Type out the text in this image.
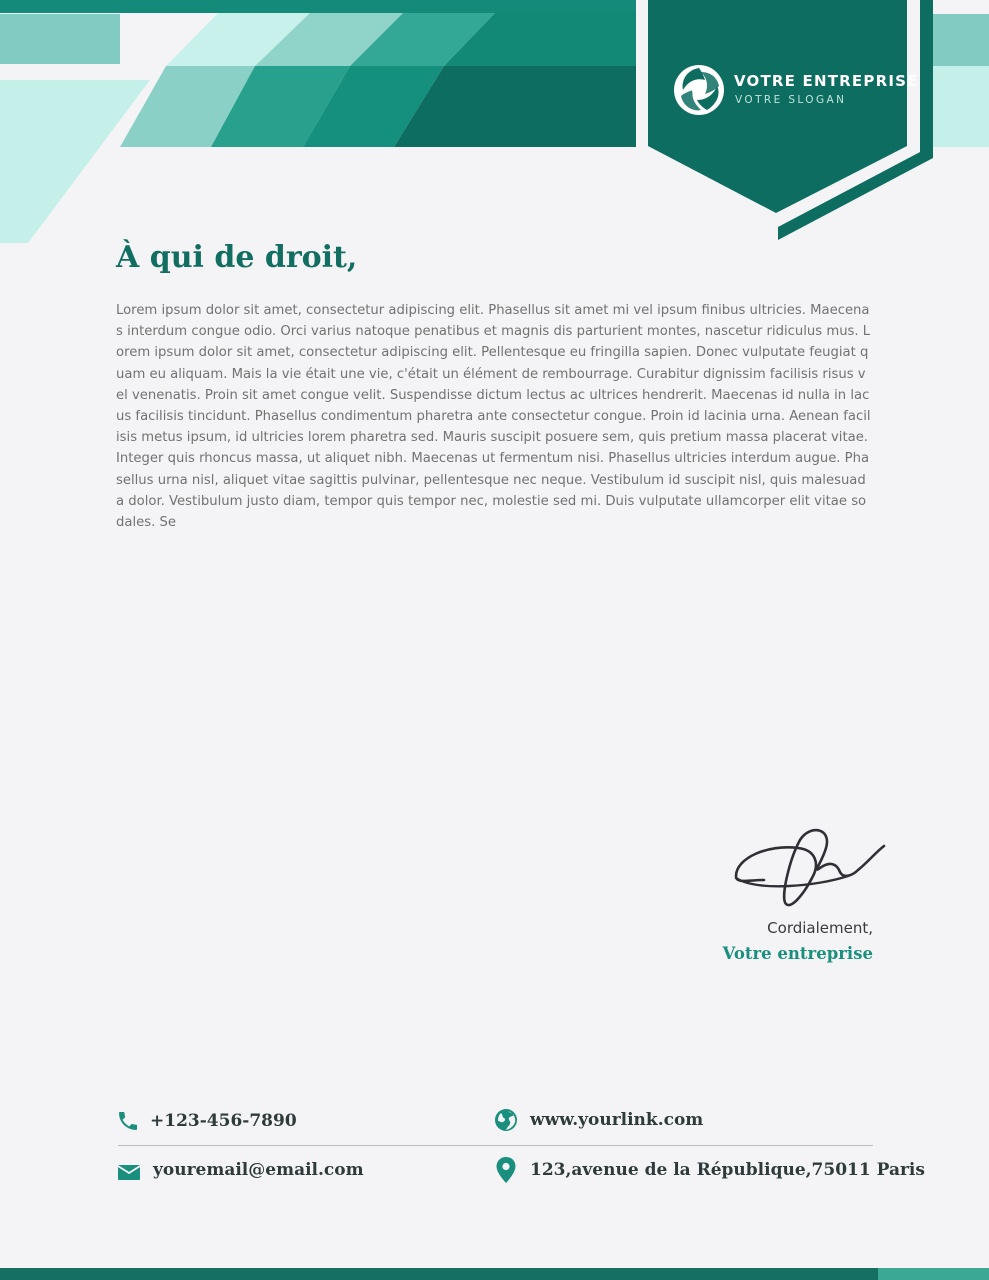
VOTRE ENTREPRISE
VOTRE SLOGAN
À qui de droit,

Lorem ipsum dolor sit amet, consectetur adipiscing elit. Phasellus sit amet mi vel ipsum finibus ultricies. Maecenas interdum congue odio. Orci varius natoque penatibus et magnis dis parturient montes, nascetur ridiculus mus. Lorem ipsum dolor sit amet, consectetur adipiscing elit. Pellentesque eu fringilla sapien. Donec vulputate feugiat quam eu aliquam. Mais la vie était une vie, c'était un élément de rembourrage. Curabitur dignissim facilisis risus vel venenatis. Proin sit amet congue velit. Suspendisse dictum lectus ac ultrices hendrerit. Maecenas id nulla in lacus facilisis tincidunt. Phasellus condimentum pharetra ante consectetur congue. Proin id lacinia urna. Aenean facilisis metus ipsum, id ultricies lorem pharetra sed. Mauris suscipit posuere sem, quis pretium massa placerat vitae. Integer quis rhoncus massa, ut aliquet nibh. Maecenas ut fermentum nisi. Phasellus ultricies interdum augue. Phasellus urna nisl, aliquet vitae sagittis pulvinar, pellentesque nec neque. Vestibulum id suscipit nisl, quis malesuada dolor. Vestibulum justo diam, tempor quis tempor nec, molestie sed mi. Duis vulputate ullamcorper elit vitae sodales. Se

Cordialement,
Votre entreprise
+123-456-7890	www.yourlink.com
youremail@email.com	123,avenue de la République,75011 Paris
